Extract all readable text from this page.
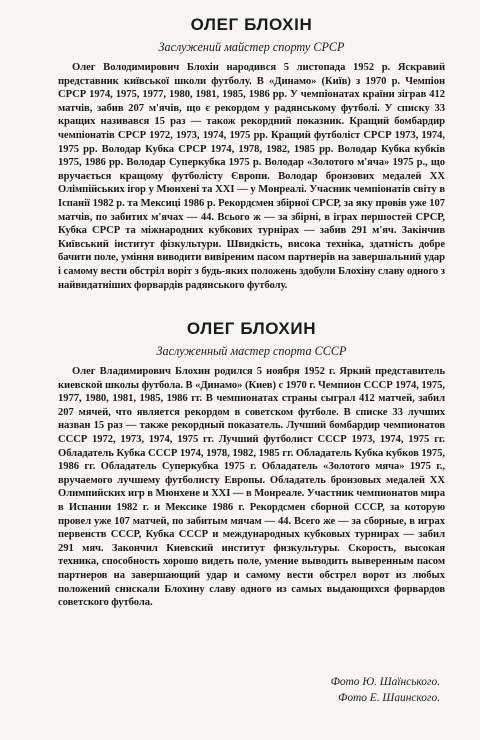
ОЛЕГ БЛОХІН
Заслужений майстер спорту СРСР

Олег Володимирович Блохін народився 5 листопада 1952 р. Яскравий представник київської школи футболу. В «Динамо» (Київ) з 1970 р. Чемпіон СРСР 1974, 1975, 1977, 1980, 1981, 1985, 1986 рр. У чемпіонатах країни зіграв 412 матчів, забив 207 м'ячів, що є рекордом у радянському футболі. У списку 33 кращих називався 15 раз — також рекордний показник. Кращий бомбардир чемпіонатів СРСР 1972, 1973, 1974, 1975 рр. Кращий футболіст СРСР 1973, 1974, 1975 рр. Володар Кубка СРСР 1974, 1978, 1982, 1985 рр. Володар Кубка кубків 1975, 1986 рр. Володар Суперкубка 1975 р. Володар «Золотого м'яча» 1975 р., що вручається кращому футболісту Європи. Володар бронзових медалей XX Олімпійських ігор у Мюнхені та XXI — у Монреалі. Учасник чемпіонатів світу в Іспанії 1982 р. та Мексиці 1986 р. Рекордсмен збірної СРСР, за яку провів уже 107 матчів, по забитих м'ячах — 44. Всього ж — за збірні, в іграх першостей СРСР, Кубка СРСР та міжнародних кубкових турнірах — забив 291 м'яч. Закінчив Київський інститут фізкультури. Швидкість, висока техніка, здатність добре бачити поле, уміння виводити вивіреним пасом партнерів на завершальний удар і самому вести обстріл воріт з будь-яких положень здобули Блохіну славу одного з найвидатніших форвардів радянського футболу.

ОЛЕГ БЛОХИН
Заслуженный мастер спорта СССР

Олег Владимирович Блохин родился 5 ноября 1952 г. Яркий представитель киевской школы футбола. В «Динамо» (Киев) с 1970 г. Чемпион СССР 1974, 1975, 1977, 1980, 1981, 1985, 1986 гг. В чемпионатах страны сыграл 412 матчей, забил 207 мячей, что является рекордом в советском футболе. В списке 33 лучших назван 15 раз — также рекордный показатель. Лучший бомбардир чемпионатов СССР 1972, 1973, 1974, 1975 гг. Лучший футболист СССР 1973, 1974, 1975 гг. Обладатель Кубка СССР 1974, 1978, 1982, 1985 гг. Обладатель Кубка кубков 1975, 1986 гг. Обладатель Суперкубка 1975 г. Обладатель «Золотого мяча» 1975 г., вручаемого лучшему футболисту Европы. Обладатель бронзовых медалей XX Олимпийских игр в Мюнхене и XXI — в Монреале. Участник чемпионатов мира в Испании 1982 г. и Мексике 1986 г. Рекордсмен сборной СССР, за которую провел уже 107 матчей, по забитым мячам — 44. Всего же — за сборные, в играх первенств СССР, Кубка СССР и международных кубковых турнирах — забил 291 мяч. Закончил Киевский институт физкультуры. Скорость, высокая техника, способность хорошо видеть поле, умение выводить выверенным пасом партнеров на завершающий удар и самому вести обстрел ворот из любых положений снискали Блохину славу одного из самых выдающихся форвардов советского футбола.

Фото Ю. Шаїнського.
Фото Е. Шаинского.
